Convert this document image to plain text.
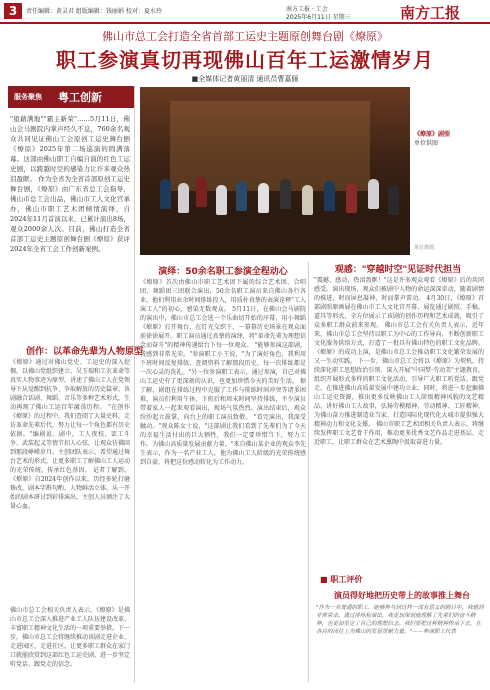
3	责任编辑：黄灵君 组版编辑：钱丽娟 校对：夏水玲	南方工报 · 工会
2025年6月11日 星期三	南方工报
佛山市总工会打造全省首部工运史主题原创舞台剧《燎原》
职工参演真切再现佛山百年工运激情岁月
■全媒体记者黄丽清 通讯员曹嘉俪
服务聚焦 粤工创新
"狼藉满地""霸主新荣"……5月11日，佛山会马剧院内掌声经久不息，760余名观众共同见证佛山工会原创工运史舞台剧《燎原》2025年第二场巡演的圆满落幕。这部由佛山职工自编自演的红色工运史剧，以跨越时空的感染力让许多观众热泪盈眶。 作为全省为全省首部原创工运史舞台剧，《燎原》由广东省总工会指导，佛山市总工会出品，佛山市工人文化宫承办，佛山市职工艺术团倾情演绎，自2024年11月首演以来，已累计演出8场，观众2000余人次。目前，佛山打造全省首部工运史主题原创舞台剧《燎原》获评2024年全省工会工作创新案例。
创作：以革命先辈为人物原型
《燎原》通过对佛山党史、工运史的深入挖掘，以佛山党组织建立、吴玉瑞和工农革命等真实人物事迹为原型，讲述了佛山工人在党领导下从觉醒到抗争、争取解放的历史篇章。该剧融合话剧、舞蹈、音乐等多种艺术形式，生动再现了佛山工运百年激荡历程。 "在创作《燎原》的过程中，我们查阅了大量史料，走访革命先辈后代，努力让每一个角色都有历史依据。"编剧说。剧中，工人夜校、罢工斗争、武装起义等情节扣人心弦，让观众仿佛回到那段峥嵘岁月。主创团队表示，希望通过舞台艺术的形式，让更多职工了解佛山工人运动的光荣传统，传承红色基因。 记者了解到，《燎原》自2024年创作以来，历经多轮打磨修改，剧本字斟句酌，人物鲜活立体。从一开始的剧本研讨到彩排演出，主创人员倾注了大量心血。
佛山市总工会相关负责人表示，《燎原》是佛山市总工会深入推进产业工人队伍建设改革、丰富职工精神文化生活的一项重要举措。下一步，佛山市总工会将继续推动该剧走进企业、走进园区、走进社区，让更多职工群众在家门口就能欣赏到这部红色工运史剧，进一步坚定听党话、跟党走的信念。
《燎原》剧照
单位供图
单位供图
演绎：50余名职工参演全程动心
《燎原》首次由佛山市职工艺术团下属的综合艺术团、合唱团、舞蹈团三团联合演出，50余名职工演员来自佛山各行各业，他们利用业余时间排练投入，用质朴真挚的表演诠释"工人演工人"的初心，感染无数观众。 5月11日，在佛山会马剧院的演出中，佛山市总工会选一个乐曲切开始的序幕，用小舞蹈《燎原》打开舞台，在灯光交织下，一幕幕历史场景在观众面前徐徐展开。职工演员通过真挚的演绎，将"革命先辈为理想信念而奋斗"的精神传递给台下每一位观众。 "能够参演这部剧，我感到非常光荣。"参演职工小王说，"为了演好角色，我利用下班时间反复排练，查阅资料了解那段历史，每一次排练都是一次心灵的洗礼。"另一位参演职工表示，通过参演，自己对佛山工运史有了更深刻的认识，也更加珍惜今天的美好生活。 据了解，剧组在排练过程中克服了工作与排练时间冲突等诸多困难，演员们利用午休、下班后和周末时间坚持排练，不少演员带着家人一起来观看演出，现场气氛热烈。演出结束后，观众纷纷起立鼓掌，向台上的职工演员致敬。 "看完演出，我深受触动。"观众陈女士说，"这部剧让我们看到了先辈们为了今天的幸福生活付出的巨大牺牲，我们一定要珍惜当下，努力工作，为佛山高质量发展贡献力量。"来自佛山某企业的观众李先生表示，作为一名产业工人，他为佛山工人阶级的光荣传统感到自豪，将把这份感动转化为工作动力。
观感："穿越时空"见证时代担当
"震撼、感动、热泪盈眶！"这是许多观众观看《燎原》后的共同感受。演出现场，观众们被剧中人物的命运深深牵动，随着剧情的推进，时而屏息凝神，时而掌声雷动。 4月30日，《燎原》首部剧照原画展在佛山市工人文化宫开幕，展览通过剧照、手稿、道具等形式，全方位展示了该剧的创作历程和艺术成就，吸引了众多职工群众前来参观。 佛山市总工会有关负责人表示，近年来，佛山市总工会坚持以职工为中心的工作导向，不断创新职工文化服务供给方式，打造了一批具有佛山特色的职工文化品牌。《燎原》的成功上演，是佛山市总工会推动职工文化繁荣发展的又一生动实践。 下一步，佛山市总工会将以《燎原》为契机，持续深化职工思想政治引领，深入开展"中国梦·劳动美"主题教育，组织开展形式多样的职工文化活动，引导广大职工听党话、跟党走，在推进佛山高质量发展中建功立业。同时，将进一步挖掘佛山工运史资源，推出更多反映佛山工人阶级精神风貌的文艺精品，讲好佛山工人故事，弘扬劳模精神、劳动精神、工匠精神，为佛山奋力推进制造业当家、打造国际化现代化大城市提供强大精神动力和文化支撑。 佛山市职工艺术团相关负责人表示，将继续发挥职工文艺骨干作用，推动更多优秀文艺作品走进基层、走近职工，让职工群众在艺术熏陶中汲取奋进力量。
■ 职工评价
演员得好地把历史带上的故事推上舞台
"作为一名普通的职工，能够参与到这样一部有意义的剧目中，我感到非常荣幸。通过排练和演出，我更加深刻地理解了先辈们的奋斗精神，也更加坚定了自己的理想信念。我们要把这种精神传承下去，在各自的岗位上为佛山的发展贡献力量。"——参演职工代表
